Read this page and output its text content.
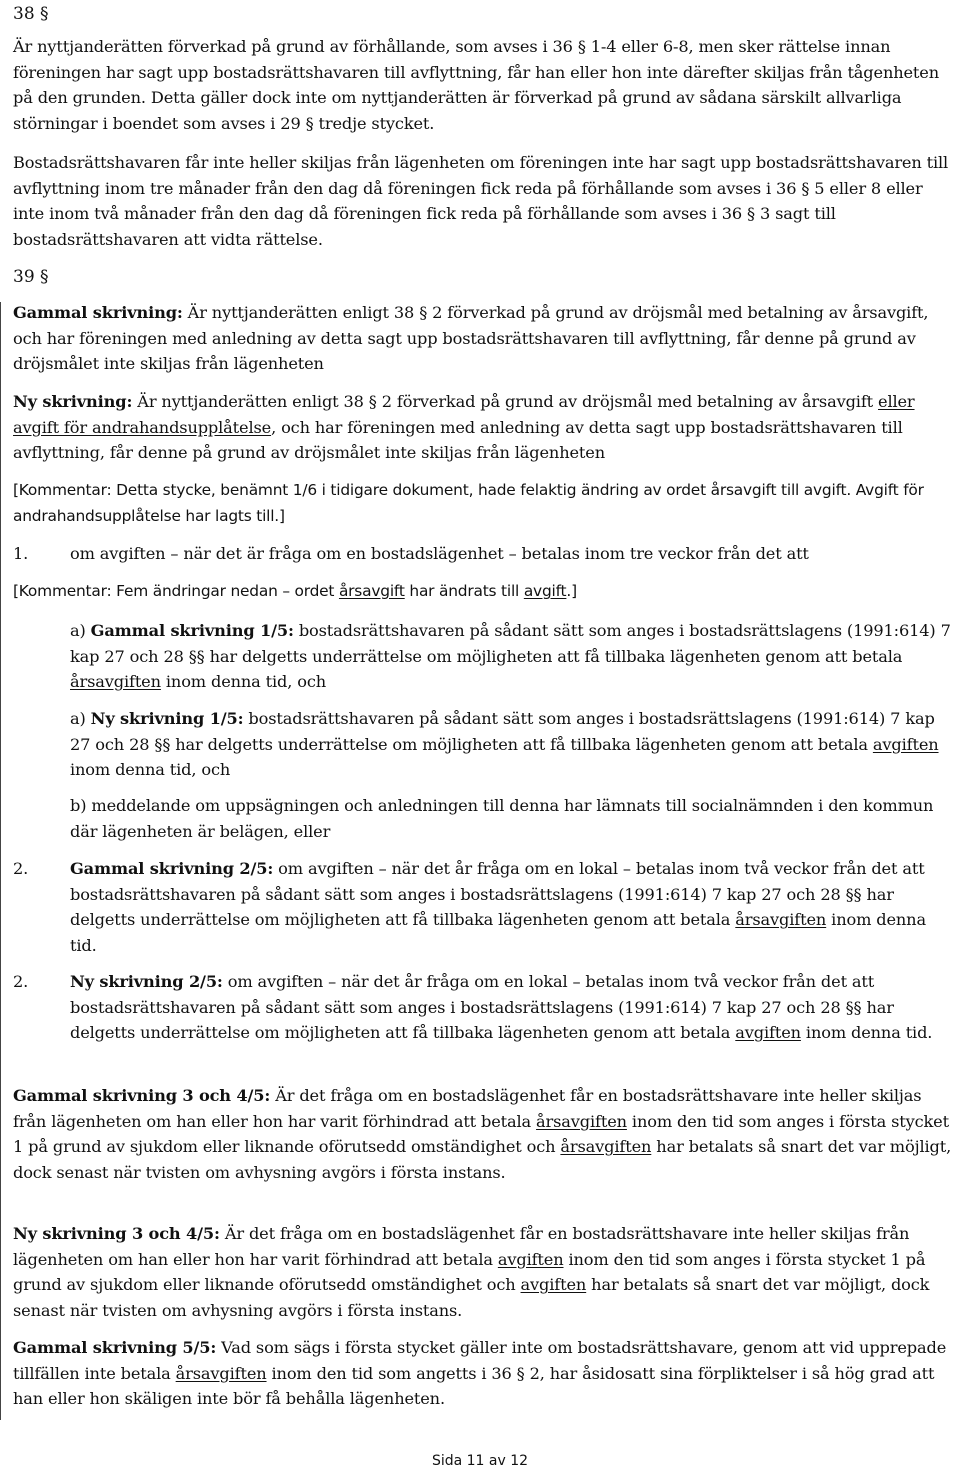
38 §

Är nyttjanderätten förverkad på grund av förhållande, som avses i 36 § 1-4 eller 6-8, men sker rättelse innan föreningen har sagt upp bostadsrättshavaren till avflyttning, får han eller hon inte därefter skiljas från tågenheten på den grunden. Detta gäller dock inte om nyttjanderätten är förverkad på grund av sådana särskilt allvarliga störningar i boendet som avses i 29 § tredje stycket.

Bostadsrättshavaren får inte heller skiljas från lägenheten om föreningen inte har sagt upp bostadsrättshavaren till avflyttning inom tre månader från den dag då föreningen fick reda på förhållande som avses i 36 § 5 eller 8 eller inte inom två månader från den dag då föreningen fick reda på förhållande som avses i 36 § 3 sagt till bostadsrättshavaren att vidta rättelse.

39 §

Gammal skrivning: Är nyttjanderätten enligt 38 § 2 förverkad på grund av dröjsmål med betalning av årsavgift, och har föreningen med anledning av detta sagt upp bostadsrättshavaren till avflyttning, får denne på grund av dröjsmålet inte skiljas från lägenheten

Ny skrivning: Är nyttjanderätten enligt 38 § 2 förverkad på grund av dröjsmål med betalning av årsavgift eller avgift för andrahandsupplåtelse, och har föreningen med anledning av detta sagt upp bostadsrättshavaren till avflyttning, får denne på grund av dröjsmålet inte skiljas från lägenheten

[Kommentar: Detta stycke, benämnt 1/6 i tidigare dokument, hade felaktig ändring av ordet årsavgift till avgift. Avgift för andrahandsupplåtelse har lagts till.]

1.	om avgiften – när det är fråga om en bostadslägenhet – betalas inom tre veckor från det att

[Kommentar: Fem ändringar nedan – ordet årsavgift har ändrats till avgift.]

a) Gammal skrivning 1/5: bostadsrättshavaren på sådant sätt som anges i bostadsrättslagens (1991:614) 7 kap 27 och 28 §§ har delgetts underrättelse om möjligheten att få tillbaka lägenheten genom att betala årsavgiften inom denna tid, och

a) Ny skrivning 1/5: bostadsrättshavaren på sådant sätt som anges i bostadsrättslagens (1991:614) 7 kap 27 och 28 §§ har delgetts underrättelse om möjligheten att få tillbaka lägenheten genom att betala avgiften inom denna tid, och

b) meddelande om uppsägningen och anledningen till denna har lämnats till socialnämnden i den kommun där lägenheten är belägen, eller

2.	Gammal skrivning 2/5: om avgiften – när det år fråga om en lokal – betalas inom två veckor från det att bostadsrättshavaren på sådant sätt som anges i bostadsrättslagens (1991:614) 7 kap 27 och 28 §§ har delgetts underrättelse om möjligheten att få tillbaka lägenheten genom att betala årsavgiften inom denna tid.

2.	Ny skrivning 2/5: om avgiften – när det år fråga om en lokal – betalas inom två veckor från det att bostadsrättshavaren på sådant sätt som anges i bostadsrättslagens (1991:614) 7 kap 27 och 28 §§ har delgetts underrättelse om möjligheten att få tillbaka lägenheten genom att betala avgiften inom denna tid.

Gammal skrivning 3 och 4/5: Är det fråga om en bostadslägenhet får en bostadsrättshavare inte heller skiljas från lägenheten om han eller hon har varit förhindrad att betala årsavgiften inom den tid som anges i första stycket 1 på grund av sjukdom eller liknande oförutsedd omständighet och årsavgiften har betalats så snart det var möjligt, dock senast när tvisten om avhysning avgörs i första instans.

Ny skrivning 3 och 4/5: Är det fråga om en bostadslägenhet får en bostadsrättshavare inte heller skiljas från lägenheten om han eller hon har varit förhindrad att betala avgiften inom den tid som anges i första stycket 1 på grund av sjukdom eller liknande oförutsedd omständighet och avgiften har betalats så snart det var möjligt, dock senast när tvisten om avhysning avgörs i första instans.

Gammal skrivning 5/5: Vad som sägs i första stycket gäller inte om bostadsrättshavare, genom att vid upprepade tillfällen inte betala årsavgiften inom den tid som angetts i 36 § 2, har åsidosatt sina förpliktelser i så hög grad att han eller hon skäligen inte bör få behålla lägenheten.

Sida 11 av 12
